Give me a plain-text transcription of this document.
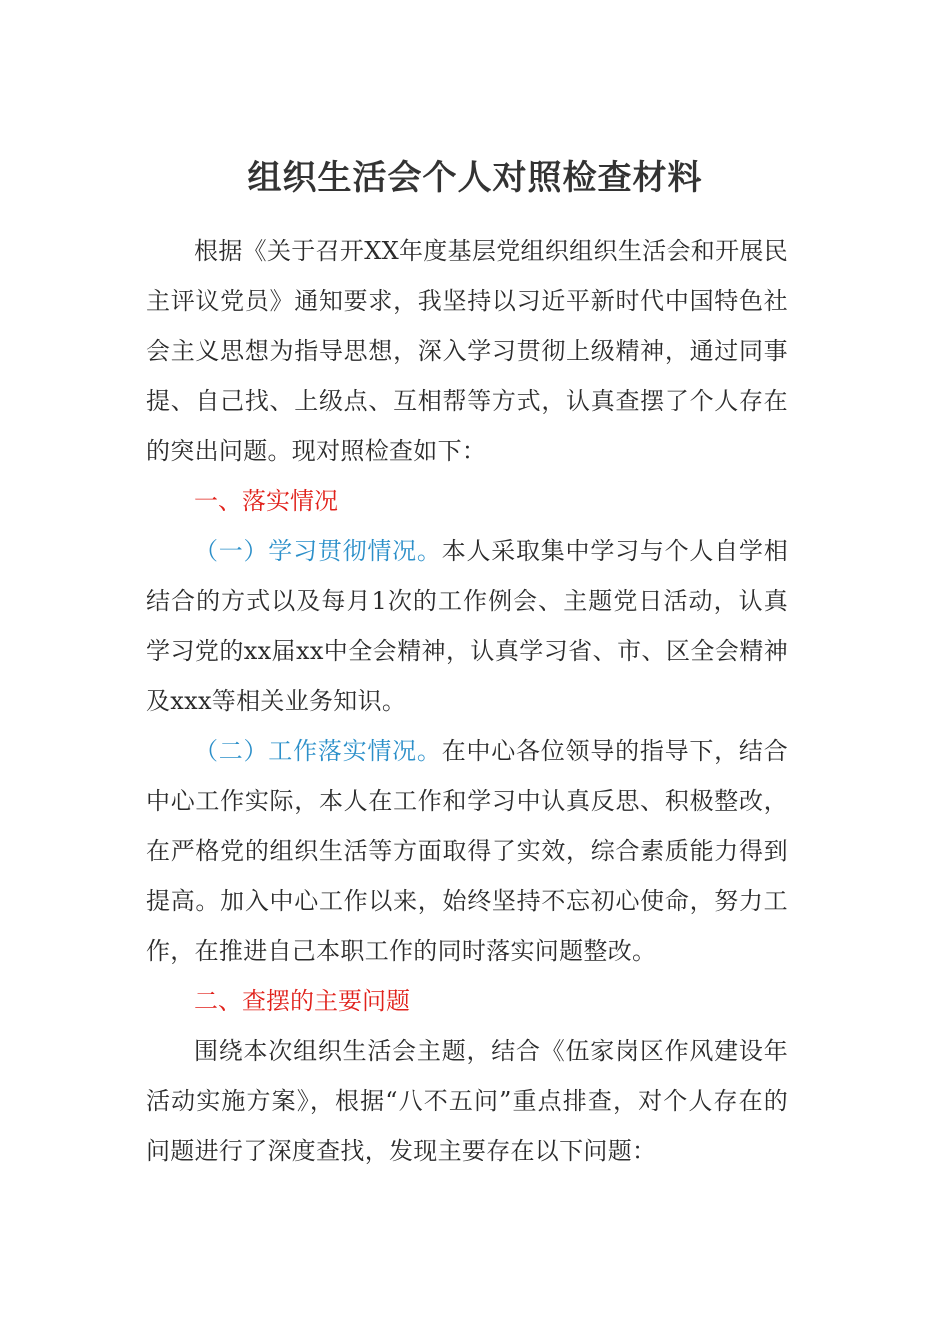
组织生活会个人对照检查材料

根据《关于召开XX年度基层党组织组织生活会和开展民主评议党员》通知要求，我坚持以习近平新时代中国特色社会主义思想为指导思想，深入学习贯彻上级精神，通过同事提、自己找、上级点、互相帮等方式，认真查摆了个人存在的突出问题。现对照检查如下：

一、落实情况

（一）学习贯彻情况。本人采取集中学习与个人自学相结合的方式以及每月1次的工作例会、主题党日活动，认真学习党的xx届xx中全会精神，认真学习省、市、区全会精神及xxx等相关业务知识。

（二）工作落实情况。在中心各位领导的指导下，结合中心工作实际，本人在工作和学习中认真反思、积极整改，在严格党的组织生活等方面取得了实效，综合素质能力得到提高。加入中心工作以来，始终坚持不忘初心使命，努力工作，在推进自己本职工作的同时落实问题整改。

二、查摆的主要问题

围绕本次组织生活会主题，结合《伍家岗区作风建设年活动实施方案》，根据“八不五问”重点排查，对个人存在的问题进行了深度查找，发现主要存在以下问题：
